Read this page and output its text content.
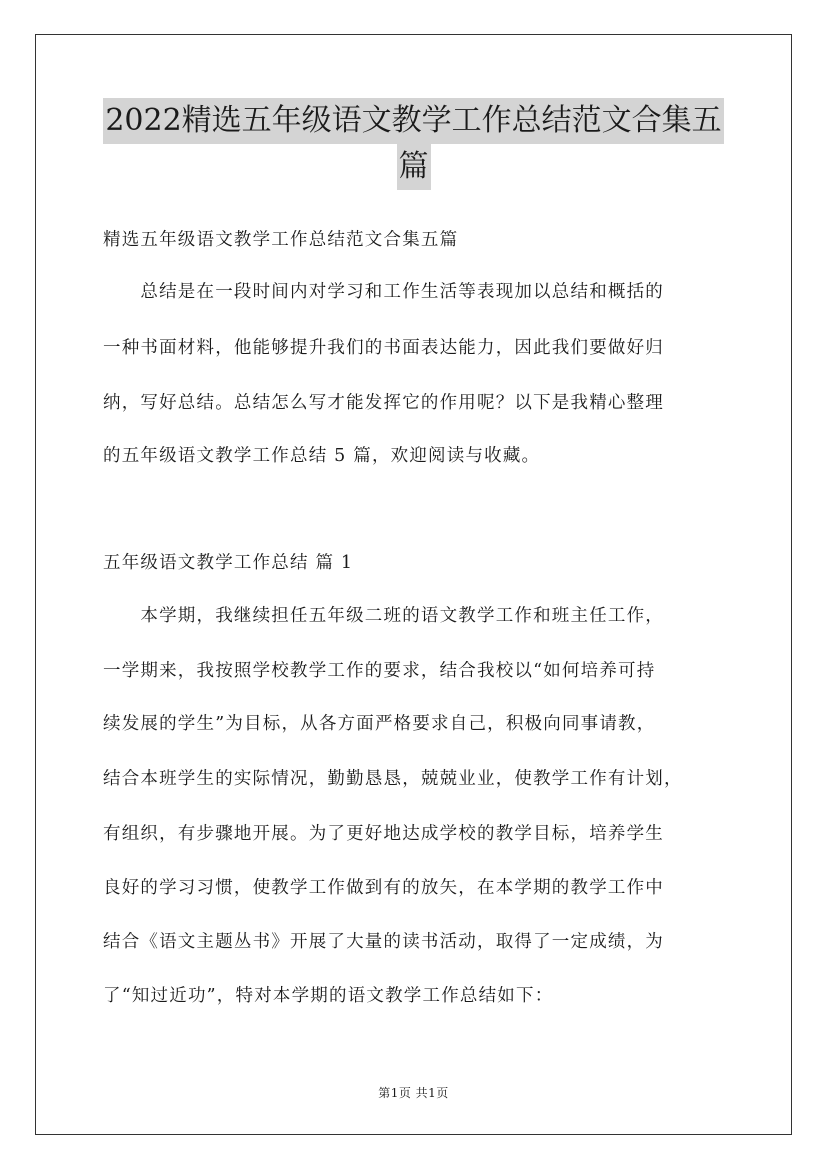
2022精选五年级语文教学工作总结范文合集五
篇
精选五年级语文教学工作总结范文合集五篇
　　总结是在一段时间内对学习和工作生活等表现加以总结和概括的
一种书面材料，他能够提升我们的书面表达能力，因此我们要做好归
纳，写好总结。总结怎么写才能发挥它的作用呢？以下是我精心整理
的五年级语文教学工作总结 5 篇，欢迎阅读与收藏。
五年级语文教学工作总结 篇 1
　　本学期，我继续担任五年级二班的语文教学工作和班主任工作，
一学期来，我按照学校教学工作的要求，结合我校以“如何培养可持
续发展的学生”为目标，从各方面严格要求自己，积极向同事请教，
结合本班学生的实际情况，勤勤恳恳，兢兢业业，使教学工作有计划，
有组织，有步骤地开展。为了更好地达成学校的教学目标，培养学生
良好的学习习惯，使教学工作做到有的放矢，在本学期的教学工作中
结合《语文主题丛书》开展了大量的读书活动，取得了一定成绩，为
了“知过近功”，特对本学期的语文教学工作总结如下：
第1页 共1页
